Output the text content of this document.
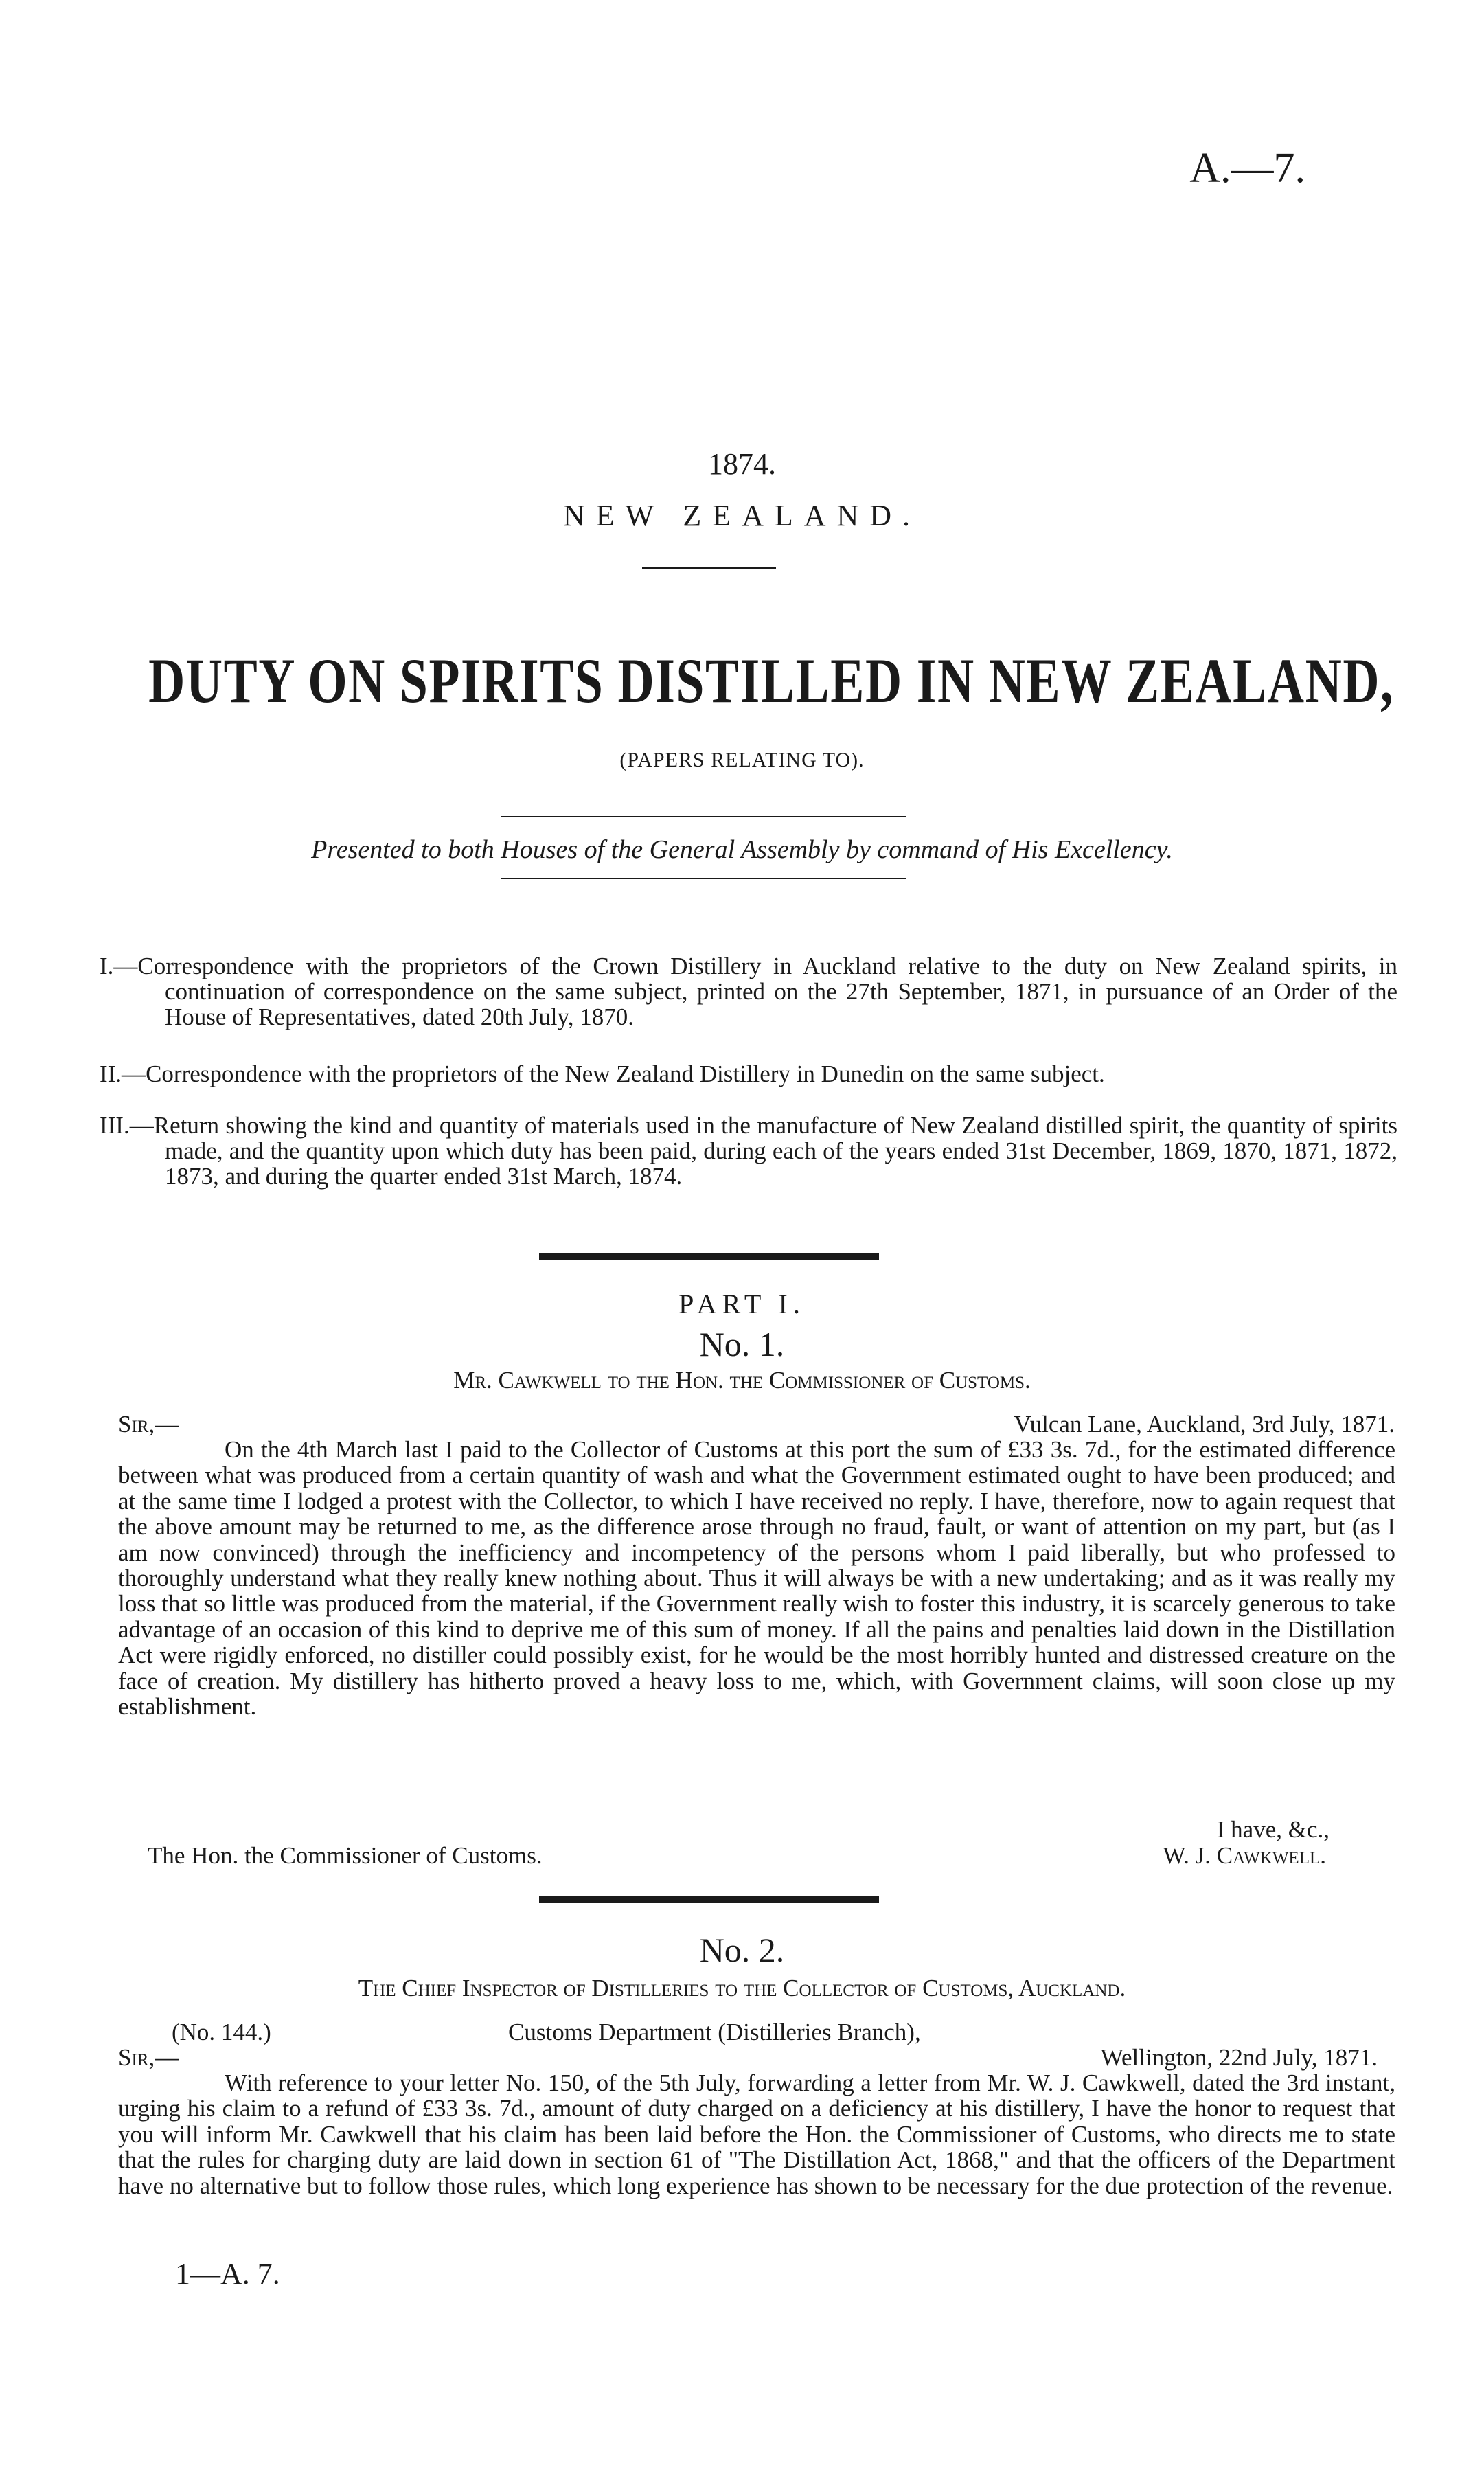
A.—7.
1874.
NEW ZEALAND.
DUTY ON SPIRITS DISTILLED IN NEW ZEALAND,
(PAPERS RELATING TO).
Presented to both Houses of the General Assembly by command of His Excellency.
I.—Correspondence with the proprietors of the Crown Distillery in Auckland relative to the duty on New Zealand spirits, in continuation of correspondence on the same subject, printed on the 27th September, 1871, in pursuance of an Order of the House of Representatives, dated 20th July, 1870.
II.—Correspondence with the proprietors of the New Zealand Distillery in Dunedin on the same subject.
III.—Return showing the kind and quantity of materials used in the manufacture of New Zealand distilled spirit, the quantity of spirits made, and the quantity upon which duty has been paid, during each of the years ended 31st December, 1869, 1870, 1871, 1872, 1873, and during the quarter ended 31st March, 1874.
PART I.
No. 1.
Mr. Cawkwell to the Hon. the Commissioner of Customs.
Sir,—	Vulcan Lane, Auckland, 3rd July, 1871.
On the 4th March last I paid to the Collector of Customs at this port the sum of £33 3s. 7d., for the estimated difference between what was produced from a certain quantity of wash and what the Government estimated ought to have been produced; and at the same time I lodged a protest with the Collector, to which I have received no reply. I have, therefore, now to again request that the above amount may be returned to me, as the difference arose through no fraud, fault, or want of attention on my part, but (as I am now convinced) through the inefficiency and incompetency of the persons whom I paid liberally, but who professed to thoroughly understand what they really knew nothing about. Thus it will always be with a new undertaking; and as it was really my loss that so little was produced from the material, if the Government really wish to foster this industry, it is scarcely generous to take advantage of an occasion of this kind to deprive me of this sum of money. If all the pains and penalties laid down in the Distillation Act were rigidly enforced, no distiller could possibly exist, for he would be the most horribly hunted and distressed creature on the face of creation. My distillery has hitherto proved a heavy loss to me, which, with Government claims, will soon close up my establishment.
I have, &c.,
The Hon. the Commissioner of Customs.	W. J. Cawkwell.
No. 2.
The Chief Inspector of Distilleries to the Collector of Customs, Auckland.
(No. 144.)	Customs Department (Distilleries Branch),
Sir,—	Wellington, 22nd July, 1871.
With reference to your letter No. 150, of the 5th July, forwarding a letter from Mr. W. J. Cawkwell, dated the 3rd instant, urging his claim to a refund of £33 3s. 7d., amount of duty charged on a deficiency at his distillery, I have the honor to request that you will inform Mr. Cawkwell that his claim has been laid before the Hon. the Commissioner of Customs, who directs me to state that the rules for charging duty are laid down in section 61 of "The Distillation Act, 1868," and that the officers of the Department have no alternative but to follow those rules, which long experience has shown to be necessary for the due protection of the revenue.
1—A. 7.
